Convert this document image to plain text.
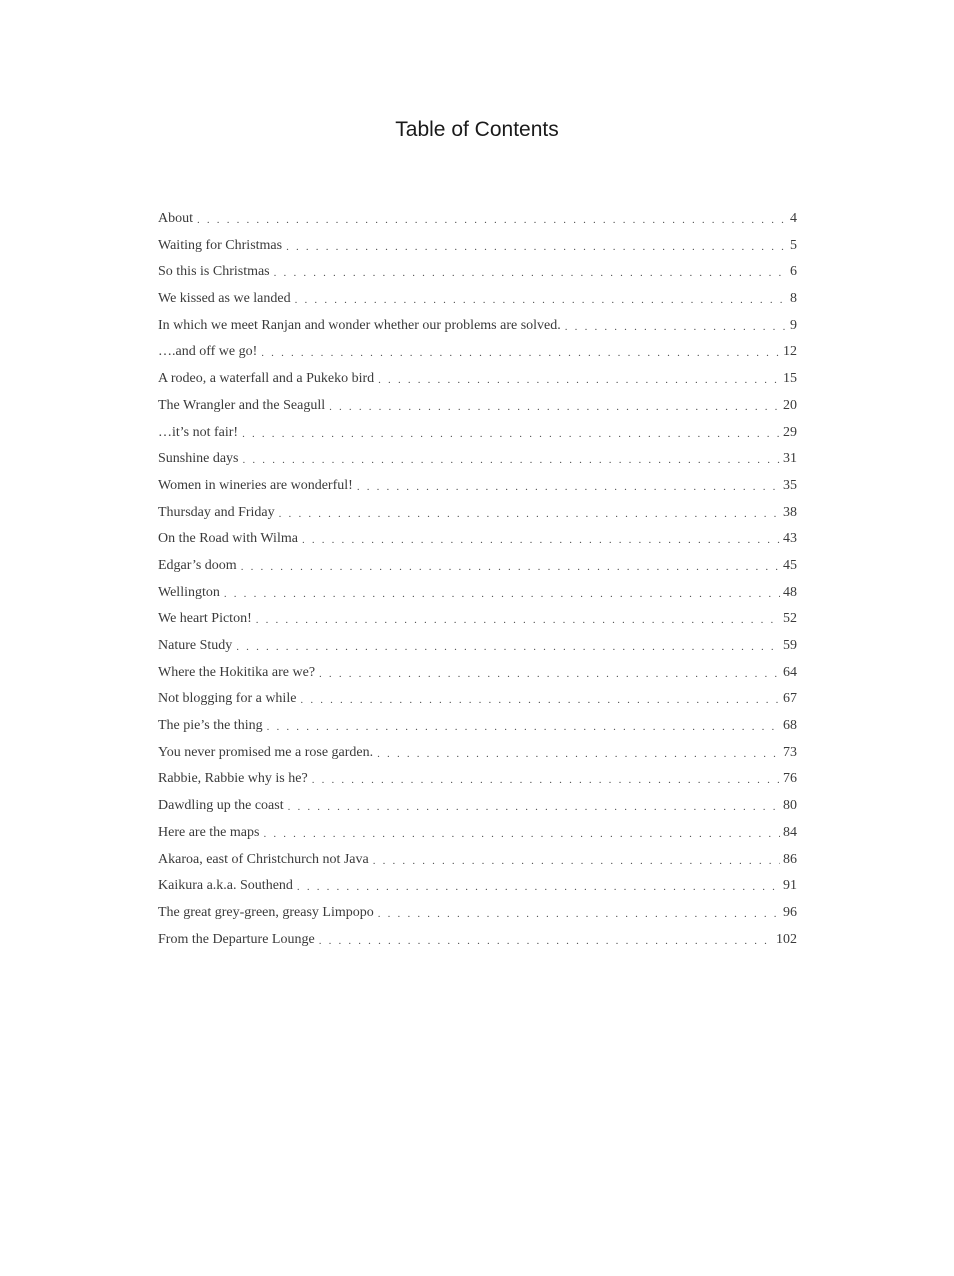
Table of Contents
About . . .	4
Waiting for Christmas . . .	5
So this is Christmas . . .	6
We kissed as we landed . . .	8
In which we meet Ranjan and wonder whether our problems are solved. . . .	9
….and off we go! . . .	12
A rodeo, a waterfall and a Pukeko bird . . .	15
The Wrangler and the Seagull . . .	20
…it’s not fair! . . .	29
Sunshine days . . .	31
Women in wineries are wonderful! . . .	35
Thursday and Friday . . .	38
On the Road with Wilma . . .	43
Edgar’s doom . . .	45
Wellington . . .	48
We heart Picton! . . .	52
Nature Study . . .	59
Where the Hokitika are we? . . .	64
Not blogging for a while . . .	67
The pie’s the thing . . .	68
You never promised me a rose garden. . . .	73
Rabbie, Rabbie why is he? . . .	76
Dawdling up the coast . . .	80
Here are the maps . . .	84
Akaroa, east of Christchurch not Java . . .	86
Kaikura a.k.a. Southend . . .	91
The great grey-green, greasy Limpopo . . .	96
From the Departure Lounge . . .	102
